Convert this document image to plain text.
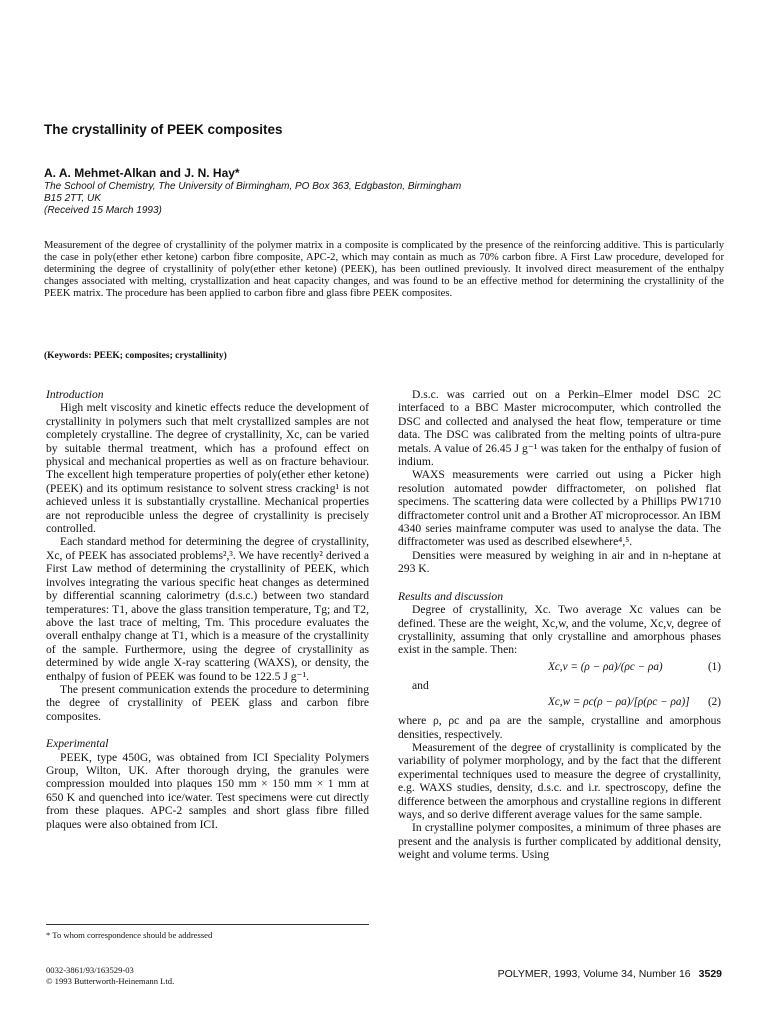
The crystallinity of PEEK composites
A. A. Mehmet-Alkan and J. N. Hay*
The School of Chemistry, The University of Birmingham, PO Box 363, Edgbaston, Birmingham
B15 2TT, UK
(Received 15 March 1993)
Measurement of the degree of crystallinity of the polymer matrix in a composite is complicated by the presence of the reinforcing additive. This is particularly the case in poly(ether ether ketone) carbon fibre composite, APC-2, which may contain as much as 70% carbon fibre. A First Law procedure, developed for determining the degree of crystallinity of poly(ether ether ketone) (PEEK), has been outlined previously. It involved direct measurement of the enthalpy changes associated with melting, crystallization and heat capacity changes, and was found to be an effective method for determining the crystallinity of the PEEK matrix. The procedure has been applied to carbon fibre and glass fibre PEEK composites.
(Keywords: PEEK; composites; crystallinity)
Introduction

High melt viscosity and kinetic effects reduce the development of crystallinity in polymers such that melt crystallized samples are not completely crystalline. The degree of crystallinity, Xc, can be varied by suitable thermal treatment, which has a profound effect on physical and mechanical properties as well as on fracture behaviour. The excellent high temperature properties of poly(ether ether ketone) (PEEK) and its optimum resistance to solvent stress cracking¹ is not achieved unless it is substantially crystalline. Mechanical properties are not reproducible unless the degree of crystallinity is precisely controlled.

Each standard method for determining the degree of crystallinity, Xc, of PEEK has associated problems²,³. We have recently² derived a First Law method of determining the crystallinity of PEEK, which involves integrating the various specific heat changes as determined by differential scanning calorimetry (d.s.c.) between two standard temperatures: T1, above the glass transition temperature, Tg; and T2, above the last trace of melting, Tm. This procedure evaluates the overall enthalpy change at T1, which is a measure of the crystallinity of the sample. Furthermore, using the degree of crystallinity as determined by wide angle X-ray scattering (WAXS), or density, the enthalpy of fusion of PEEK was found to be 122.5 J g⁻¹.

The present communication extends the procedure to determining the degree of crystallinity of PEEK glass and carbon fibre composites.

Experimental

PEEK, type 450G, was obtained from ICI Speciality Polymers Group, Wilton, UK. After thorough drying, the granules were compression moulded into plaques 150 mm × 150 mm × 1 mm at 650 K and quenched into ice/water. Test specimens were cut directly from these plaques. APC-2 samples and short glass fibre filled plaques were also obtained from ICI.

D.s.c. was carried out on a Perkin–Elmer model DSC 2C interfaced to a BBC Master microcomputer, which controlled the DSC and collected and analysed the heat flow, temperature or time data. The DSC was calibrated from the melting points of ultra-pure metals. A value of 26.45 J g⁻¹ was taken for the enthalpy of fusion of indium.

WAXS measurements were carried out using a Picker high resolution automated powder diffractometer, on polished flat specimens. The scattering data were collected by a Phillips PW1710 diffractometer control unit and a Brother AT microprocessor. An IBM 4340 series mainframe computer was used to analyse the data. The diffractometer was used as described elsewhere⁴,⁵.

Densities were measured by weighing in air and in n-heptane at 293 K.

Results and discussion

Degree of crystallinity, Xc. Two average Xc values can be defined. These are the weight, Xc,w, and the volume, Xc,v, degree of crystallinity, assuming that only crystalline and amorphous phases exist in the sample. Then:

Xc,v = (ρ − ρa)/(ρc − ρa)	(1)

and

Xc,w = ρc(ρ − ρa)/[ρ(ρc − ρa)] (2)

where ρ, ρc and ρa are the sample, crystalline and amorphous densities, respectively.

Measurement of the degree of crystallinity is complicated by the variability of polymer morphology, and by the fact that the different experimental techniques used to measure the degree of crystallinity, e.g. WAXS studies, density, d.s.c. and i.r. spectroscopy, define the difference between the amorphous and crystalline regions in different ways, and so derive different average values for the same sample.

In crystalline polymer composites, a minimum of three phases are present and the analysis is further complicated by additional density, weight and volume terms. Using

* To whom correspondence should be addressed
0032-3861/93/163529-03
© 1993 Butterworth-Heinemann Ltd.
POLYMER, 1993, Volume 34, Number 16 3529
